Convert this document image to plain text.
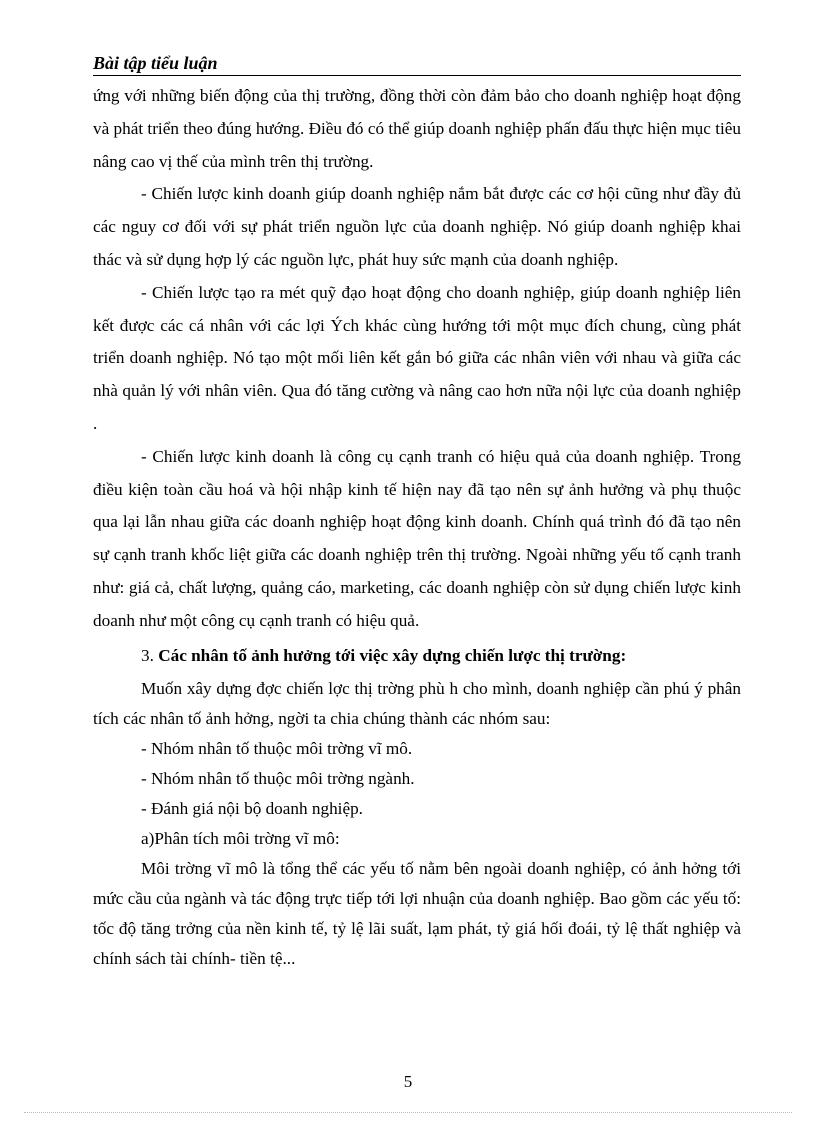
Bài tập tiểu luận

ứng với những biến động của thị trường, đồng thời còn đảm bảo cho doanh nghiệp hoạt động và phát triển theo đúng hướng. Điều đó có thể giúp doanh nghiệp phấn đấu thực hiện mục tiêu nâng cao vị thế của mình trên thị trường.

- Chiến lược kinh doanh giúp doanh nghiệp nắm bắt được các cơ hội cũng như đầy đủ các nguy cơ đối với sự phát triển nguồn lực của doanh nghiệp. Nó giúp doanh nghiệp khai thác và sử dụng hợp lý các nguồn lực, phát huy sức mạnh của doanh nghiệp.

- Chiến lược tạo ra mét quỹ đạo hoạt động cho doanh nghiệp, giúp doanh nghiệp liên kết được các cá nhân với các lợi Ých khác cùng hướng tới một mục đích chung, cùng phát triển doanh nghiệp. Nó tạo một mối liên kết gắn bó giữa các nhân viên với nhau và giữa các nhà quản lý với nhân viên. Qua đó tăng cường và nâng cao hơn nữa nội lực của doanh nghiệp .

- Chiến lược kinh doanh là công cụ cạnh tranh có hiệu quả của doanh nghiệp. Trong điều kiện toàn cầu hoá và hội nhập kinh tế hiện nay đã tạo nên sự ảnh hưởng và phụ thuộc qua lại lẫn nhau giữa các doanh nghiệp hoạt động kinh doanh. Chính quá trình đó đã tạo nên sự cạnh tranh khốc liệt giữa các doanh nghiệp trên thị trường. Ngoài những yếu tố cạnh tranh như: giá cả, chất lượng, quảng cáo, marketing, các doanh nghiệp còn sử dụng chiến lược kinh doanh như một công cụ cạnh tranh có hiệu quả.

3. Các nhân tố ảnh hưởng tới việc xây dựng chiến lược thị trường:

Muốn xây dựng đợc chiến lợc thị trờng phù h cho mình, doanh nghiệp cần phú ý phân tích các nhân tố ảnh hởng, ngời ta chia chúng thành các nhóm sau:

- Nhóm nhân tố thuộc môi trờng vĩ mô.

- Nhóm nhân tố thuộc môi trờng ngành.

- Đánh giá nội bộ doanh nghiệp.

a)Phân tích môi trờng vĩ mô:

Môi trờng vĩ mô là tổng thể các yếu tố nằm bên ngoài doanh nghiệp, có ảnh hởng tới mức cầu của ngành và tác động trực tiếp tới lợi nhuận của doanh nghiệp. Bao gồm các yếu tố: tốc độ tăng trởng của nền kinh tế, tỷ lệ lãi suất, lạm phát, tỷ giá hối đoái, tỷ lệ thất nghiệp và chính sách tài chính- tiền tệ...

5
